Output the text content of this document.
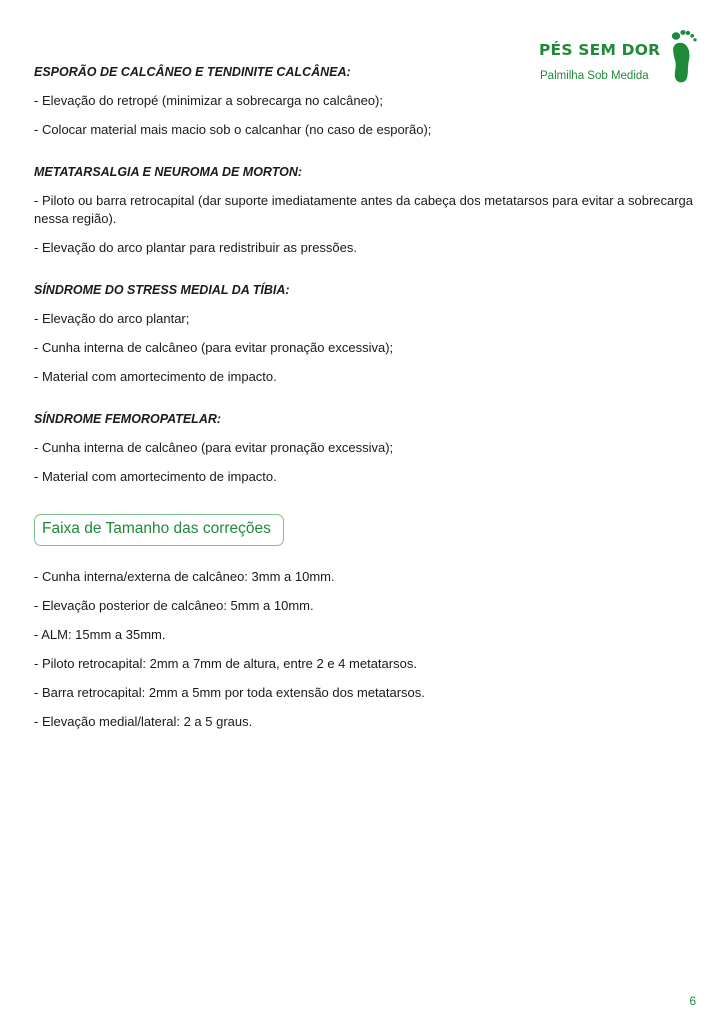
PÉS SEM DOR
Palmilha Sob Medida

ESPORÃO DE CALCÂNEO E TENDINITE CALCÂNEA:

- Elevação do retropé (minimizar a sobrecarga no calcâneo);

- Colocar material mais macio sob o calcanhar (no caso de esporão);

METATARSALGIA E NEUROMA DE MORTON:

- Piloto ou barra retrocapital (dar suporte imediatamente antes da cabeça dos metatarsos para evitar a sobrecarga nessa região).

- Elevação do arco plantar para redistribuir as pressões.

SÍNDROME DO STRESS MEDIAL DA TÍBIA:

- Elevação do arco plantar;

- Cunha interna de calcâneo (para evitar pronação excessiva);

- Material com amortecimento de impacto.

SÍNDROME FEMOROPATELAR:

- Cunha interna de calcâneo (para evitar pronação excessiva);

- Material com amortecimento de impacto.

Faixa de Tamanho das correções

- Cunha interna/externa de calcâneo: 3mm a 10mm.

- Elevação posterior de calcâneo: 5mm a 10mm.

- ALM: 15mm a 35mm.

- Piloto retrocapital: 2mm a 7mm de altura, entre 2 e 4 metatarsos.

- Barra retrocapital: 2mm a 5mm por toda extensão dos metatarsos.

- Elevação medial/lateral: 2 a 5 graus.

6
